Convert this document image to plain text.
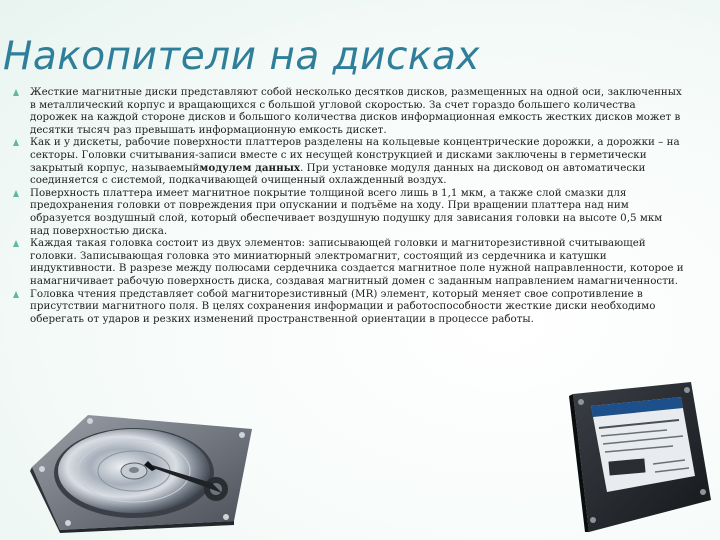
Накопители на дисках
Жесткие магнитные диски представляют собой несколько десятков дисков, размещенных на одной оси, заключенных в металлический корпус и вращающихся с большой угловой скоростью. За счет гораздо большего количества дорожек на каждой стороне дисков и большого количества дисков информационная емкость жестких дисков может в десятки тысяч раз превышать информационную емкость дискет.
Как и у дискеты, рабочие поверхности платтеров разделены на кольцевые концентрические дорожки, а дорожки – на секторы. Головки считывания-записи вместе с их несущей конструкцией и дисками заключены в герметически закрытый корпус, называемыймодулем данных. При установке модуля данных на дисковод он автоматически соединяется с системой, подкачивающей очищенный охлажденный воздух.
Поверхность платтера имеет магнитное покрытие толщиной всего лишь в 1,1 мкм, а также слой смазки для предохранения головки от повреждения при опускании и подъёме на ходу. При вращении платтера над ним образуется воздушный слой, который обеспечивает воздушную подушку для зависания головки на высоте 0,5 мкм над поверхностью диска.
Каждая такая головка состоит из двух элементов: записывающей головки и магниторезистивной считывающей головки. Записывающая головка это миниатюрный электромагнит, состоящий из сердечника и катушки индуктивности. В разрезе между полюсами сердечника создается магнитное поле нужной направленности, которое и намагничивает рабочую поверхность диска, создавая магнитный домен с заданным направлением намагниченности.
Головка чтения представляет собой магниторезистивный (MR) элемент, который меняет свое сопротивление в присутствии магнитного поля. В целях сохранения информации и работоспособности жесткие диски необходимо оберегать от ударов и резких изменений пространственной ориентации в процессе работы.
